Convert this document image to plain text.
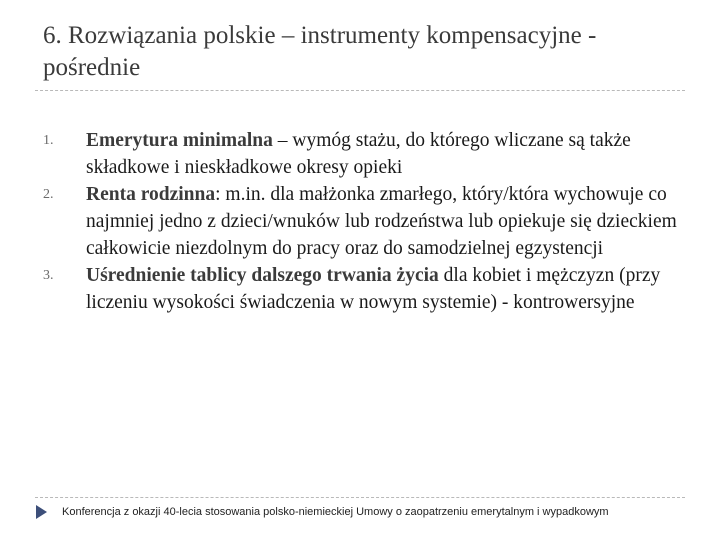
6. Rozwiązania polskie – instrumenty kompensacyjne - pośrednie
1. Emerytura minimalna – wymóg stażu, do którego wliczane są także składkowe i nieskładkowe okresy opieki
2. Renta rodzinna: m.in. dla małżonka zmarłego, który/która wychowuje co najmniej jedno z dzieci/wnuków lub rodzeństwa lub opiekuje się dzieckiem całkowicie niezdolnym do pracy oraz do samodzielnej egzystencji
3. Uśrednienie tablicy dalszego trwania życia dla kobiet i mężczyzn (przy liczeniu wysokości świadczenia w nowym systemie) - kontrowersyjne
Konferencja z okazji 40-lecia stosowania polsko-niemieckiej Umowy o zaopatrzeniu emerytalnym i wypadkowym
